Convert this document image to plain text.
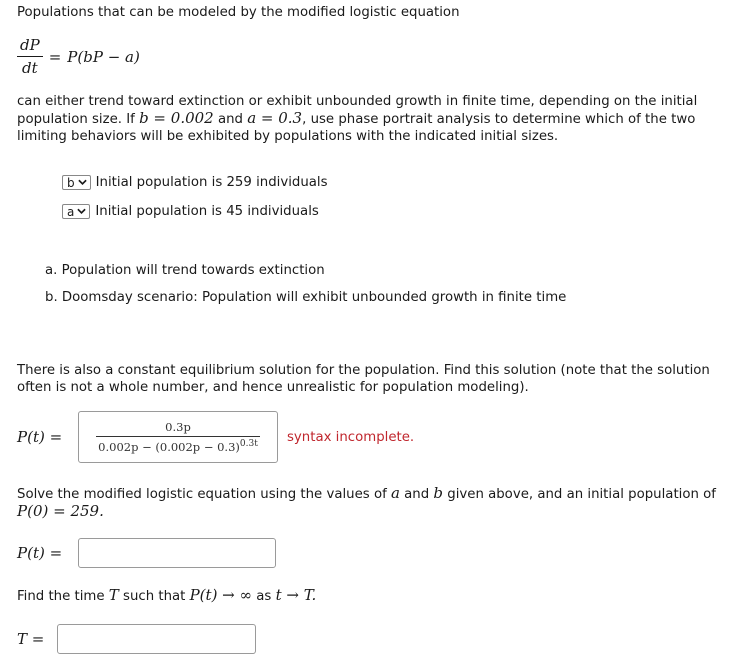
Populations that can be modeled by the modified logistic equation
$\frac{dP}{dt} = P(bP - a)$
can either trend toward extinction or exhibit unbounded growth in finite time, depending on the initial
population size. If b = 0.002 and a = 0.3, use phase portrait analysis to determine which of the two
limiting behaviors will be exhibited by populations with the indicated initial sizes.
b Initial population is 259 individuals
a Initial population is 45 individuals
a. Population will trend towards extinction
b. Doomsday scenario: Population will exhibit unbounded growth in finite time
There is also a constant equilibrium solution for the population. Find this solution (note that the solution
often is not a whole number, and hence unrealistic for population modeling).
P(t) =	$\frac{0.3p}{0.002p - (0.002p - 0.3)^{0.3t}}$ syntax incomplete.
Solve the modified logistic equation using the values of a and b given above, and an initial population of
P(0) = 259.
P(t) =
Find the time T such that P(t) → ∞ as t → T.
T =
